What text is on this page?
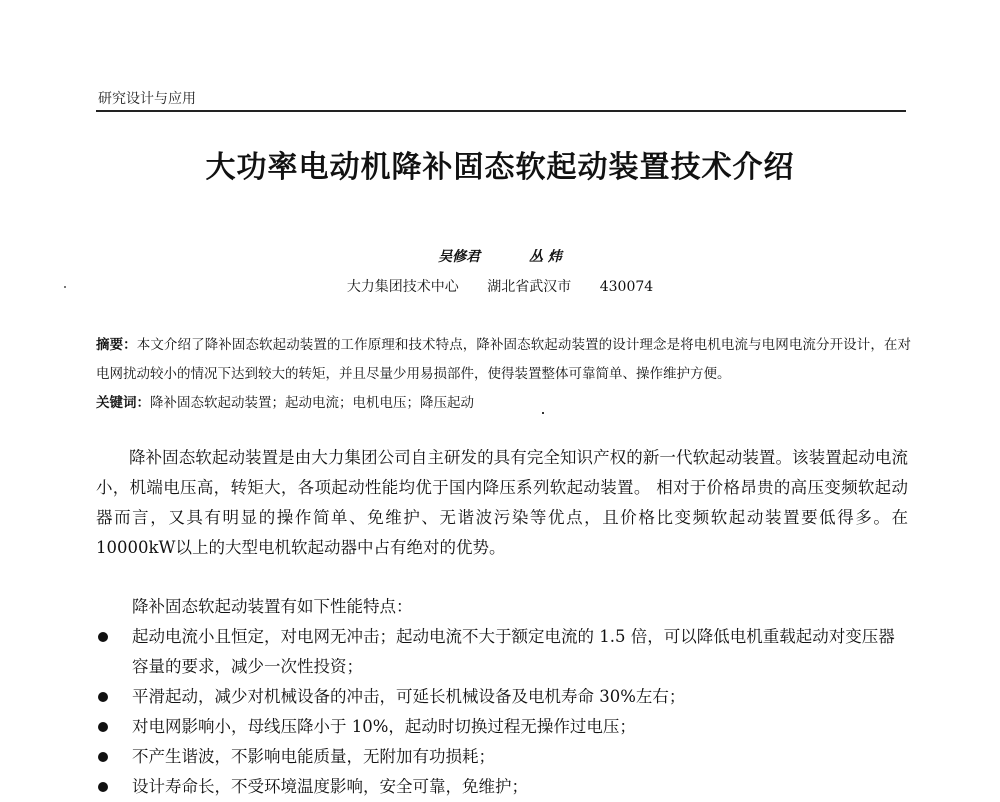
研究设计与应用
大功率电动机降补固态软起动装置技术介绍
吴修君	丛 炜
大力集团技术中心 湖北省武汉市 430074

摘要：本文介绍了降补固态软起动装置的工作原理和技术特点，降补固态软起动装置的设计理念是将电机电流与电网电流分开设计，在对电网扰动较小的情况下达到较大的转矩，并且尽量少用易损部件，使得装置整体可靠简单、操作维护方便。

关键词：降补固态软起动装置；起动电流；电机电压；降压起动

降补固态软起动装置是由大力集团公司自主研发的具有完全知识产权的新一代软起动装置。该装置起动电流小，机端电压高，转矩大，各项起动性能均优于国内降压系列软起动装置。 相对于价格昂贵的高压变频软起动器而言，又具有明显的操作简单、免维护、无谐波污染等优点，且价格比变频软起动装置要低得多。在10000kW以上的大型电机软起动器中占有绝对的优势。

降补固态软起动装置有如下性能特点：
起动电流小且恒定，对电网无冲击；起动电流不大于额定电流的 1.5 倍，可以降低电机重载起动对变压器容量的要求，减少一次性投资；
平滑起动，减少对机械设备的冲击，可延长机械设备及电机寿命 30%左右；
对电网影响小，母线压降小于 10%，起动时切换过程无操作过电压；
不产生谐波，不影响电能质量，无附加有功损耗；
设计寿命长，不受环境温度影响，安全可靠，免维护；
